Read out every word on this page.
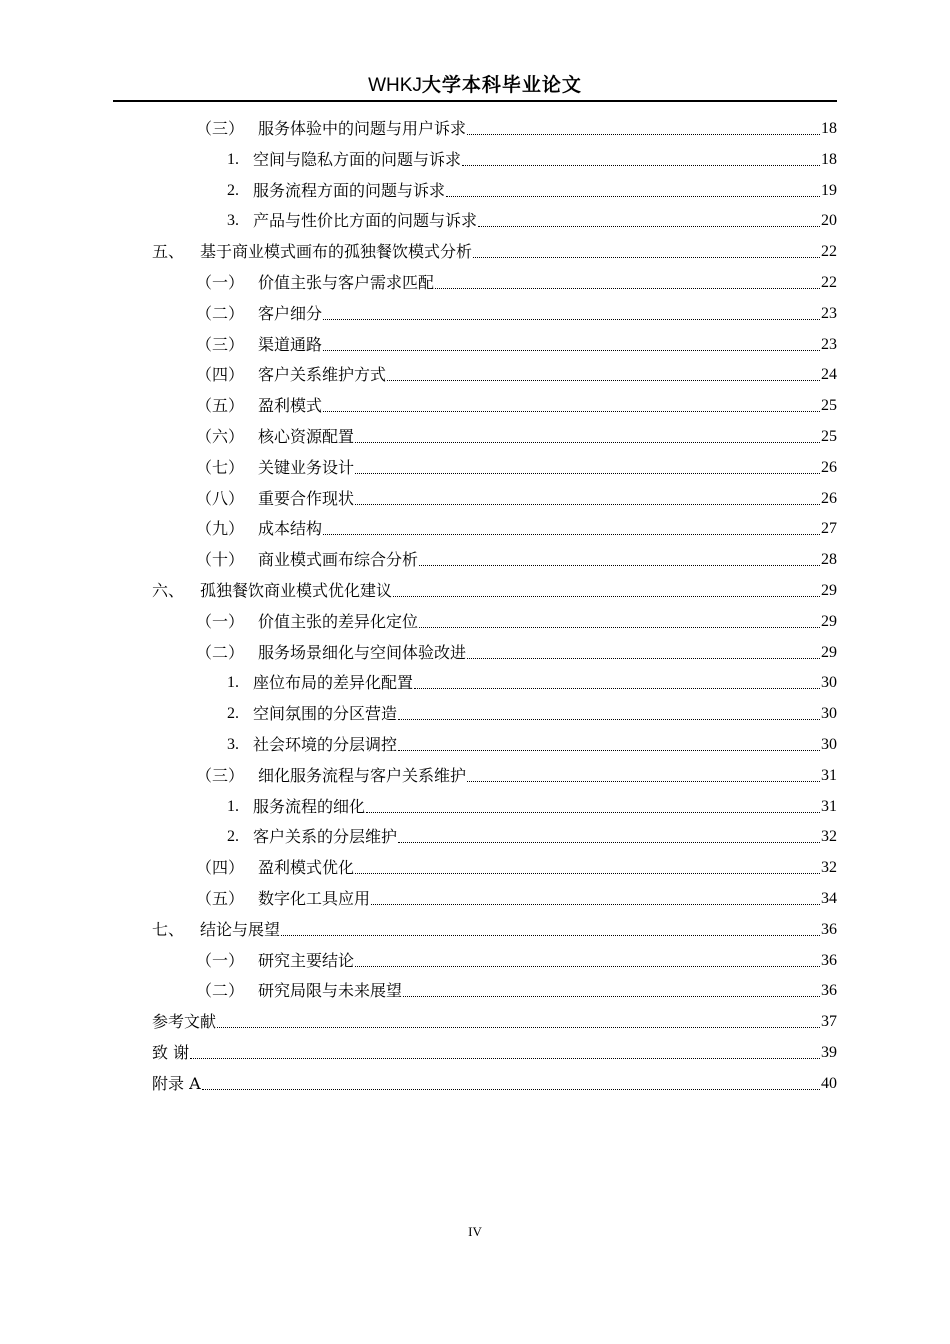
WHKJ大学本科毕业论文
（三） 服务体验中的问题与用户诉求	18
1. 空间与隐私方面的问题与诉求	18
2. 服务流程方面的问题与诉求	19
3. 产品与性价比方面的问题与诉求	20
五、 基于商业模式画布的孤独餐饮模式分析	22
（一） 价值主张与客户需求匹配	22
（二） 客户细分	23
（三） 渠道通路	23
（四） 客户关系维护方式	24
（五） 盈利模式	25
（六） 核心资源配置	25
（七） 关键业务设计	26
（八） 重要合作现状	26
（九） 成本结构	27
（十） 商业模式画布综合分析	28
六、 孤独餐饮商业模式优化建议	29
（一） 价值主张的差异化定位	29
（二） 服务场景细化与空间体验改进	29
1. 座位布局的差异化配置	30
2. 空间氛围的分区营造	30
3. 社会环境的分层调控	30
（三） 细化服务流程与客户关系维护	31
1. 服务流程的细化	31
2. 客户关系的分层维护	32
（四） 盈利模式优化	32
（五） 数字化工具应用	34
七、 结论与展望	36
（一） 研究主要结论	36
（二） 研究局限与未来展望	36
参考文献	37
致 谢	39
附录 A	40
IV
